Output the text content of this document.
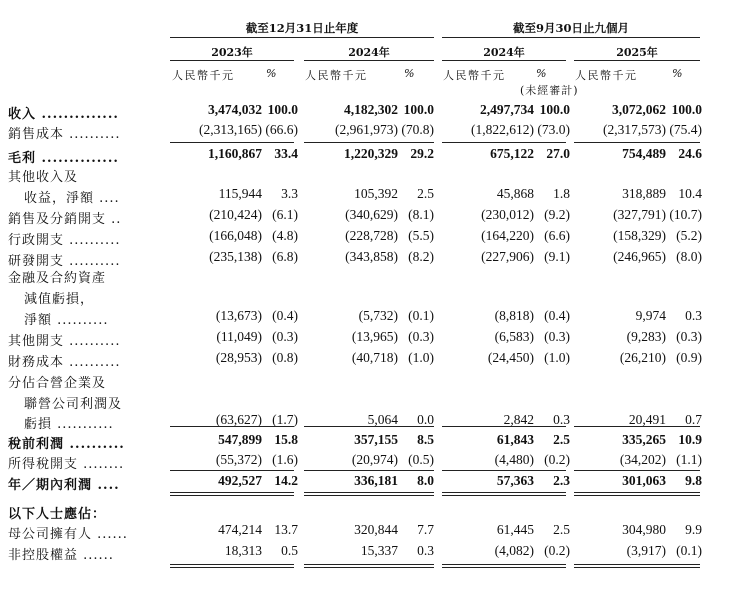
截至12月31日止年度	截至9月30日止九個月
2023年	2024年	2024年	2025年
人民幣千元	%	人民幣千元	%	人民幣千元	%	人民幣千元	%
(未經審計)
收入 ..............	3,474,032 100.0	4,182,302 100.0	2,497,734 100.0	3,072,062 100.0
銷售成本 ..........	(2,313,165) (66.6)	(2,961,973) (70.8)	(1,822,612) (73.0)	(2,317,573) (75.4)
毛利 ..............	1,160,867 33.4	1,220,329 29.2	675,122 27.0	754,489 24.6
其他收入及
收益，淨額 ....	115,944	3.3	105,392	2.5	45,868	1.8	318,889 10.4
銷售及分銷開支 ..	(210,424) (6.1)	(340,629) (8.1)	(230,012) (9.2)	(327,791) (10.7)
行政開支 ..........	(166,048) (4.8)	(228,728) (5.5)	(164,220) (6.6)	(158,329) (5.2)
研發開支 ..........	(235,138) (6.8)	(343,858) (8.2)	(227,906) (9.1)	(246,965) (8.0)
金融及合約資產
減值虧損，
淨額 ..........	(13,673) (0.4)	(5,732) (0.1)	(8,818) (0.4)	9,974	0.3
其他開支 ..........	(11,049) (0.3)	(13,965) (0.3)	(6,583) (0.3)	(9,283) (0.3)
財務成本 ..........	(28,953) (0.8)	(40,718) (1.0)	(24,450) (1.0)	(26,210) (0.9)
分佔合營企業及
聯營公司利潤及
虧損 ...........	(63,627) (1.7)	5,064	0.0	2,842	0.3	20,491	0.7
稅前利潤 ..........	547,899 15.8	357,155	8.5	61,843	2.5	335,265 10.9
所得稅開支 ........	(55,372) (1.6)	(20,974) (0.5)	(4,480) (0.2)	(34,202) (1.1)
年／期內利潤 ....	492,527 14.2	336,181	8.0	57,363	2.3	301,063	9.8
以下人士應佔：
母公司擁有人 ......	474,214 13.7	320,844	7.7	61,445	2.5	304,980	9.9
非控股權益 ......	18,313	0.5	15,337	0.3	(4,082) (0.2)	(3,917) (0.1)
